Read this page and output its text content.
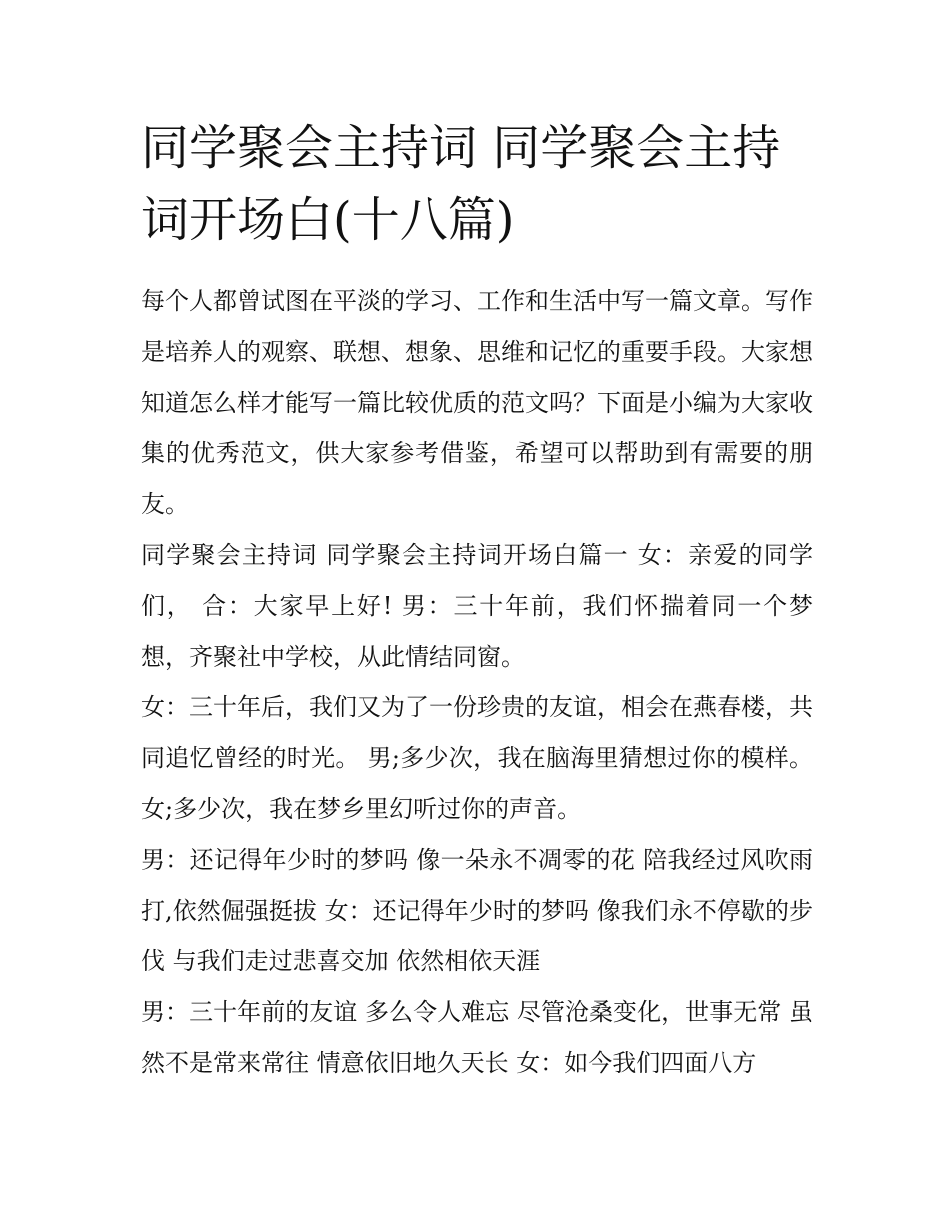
同学聚会主持词 同学聚会主持词开场白(十八篇)

每个人都曾试图在平淡的学习、工作和生活中写一篇文章。写作是培养人的观察、联想、想象、思维和记忆的重要手段。大家想知道怎么样才能写一篇比较优质的范文吗？下面是小编为大家收集的优秀范文，供大家参考借鉴，希望可以帮助到有需要的朋友。

同学聚会主持词 同学聚会主持词开场白篇一 女：亲爱的同学们， 合：大家早上好! 男：三十年前，我们怀揣着同一个梦想，齐聚社中学校，从此情结同窗。

女：三十年后，我们又为了一份珍贵的友谊，相会在燕春楼，共同追忆曾经的时光。 男;多少次，我在脑海里猜想过你的模样。 女;多少次，我在梦乡里幻听过你的声音。

男：还记得年少时的梦吗 像一朵永不凋零的花 陪我经过风吹雨打,依然倔强挺拔 女：还记得年少时的梦吗 像我们永不停歇的步伐 与我们走过悲喜交加 依然相依天涯

男：三十年前的友谊 多么令人难忘 尽管沧桑变化，世事无常 虽然不是常来常往 情意依旧地久天长 女：如今我们四面八方
